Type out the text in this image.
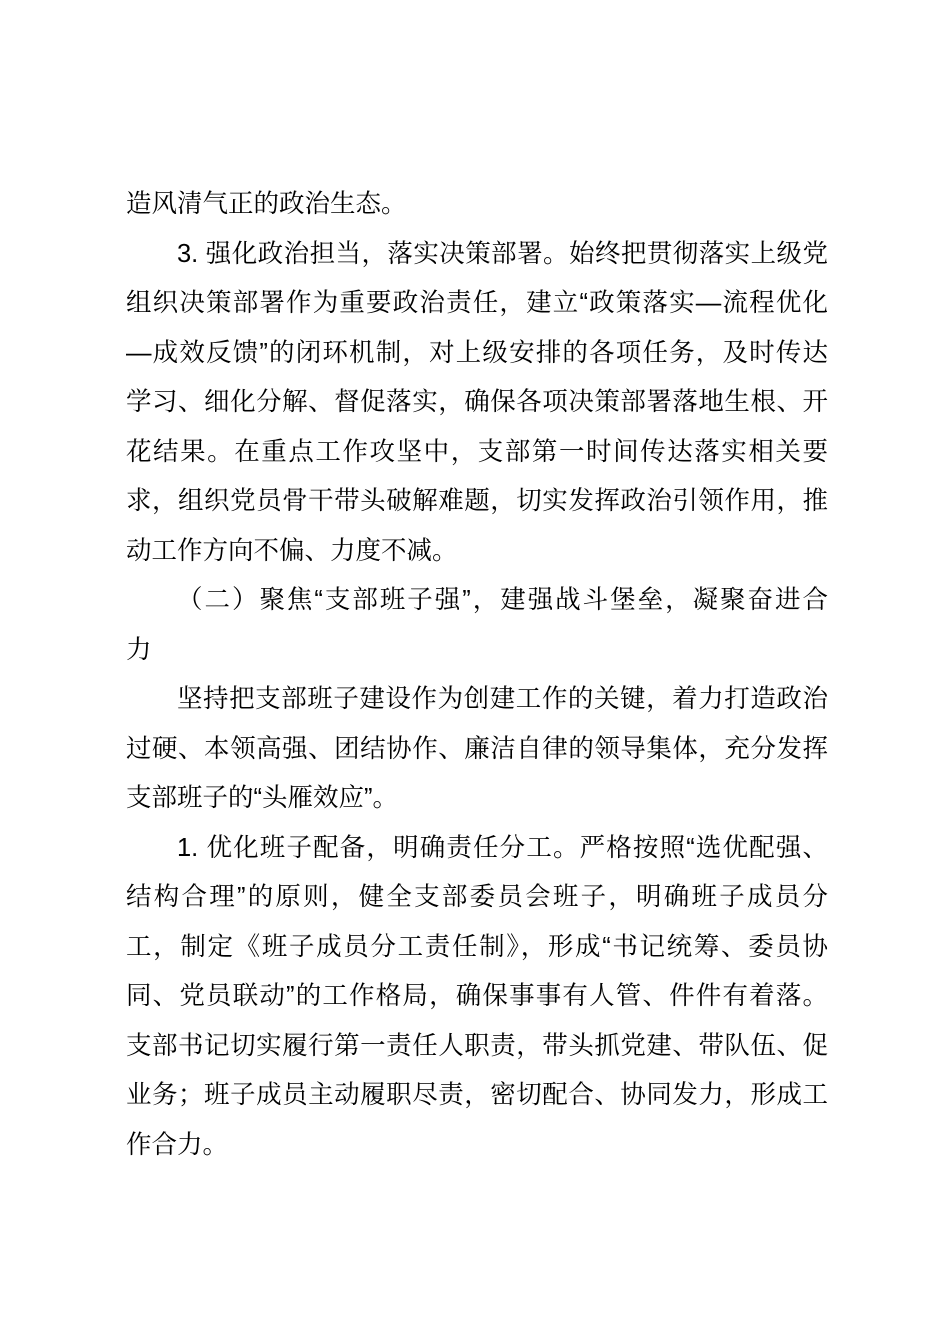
造风清气正的政治生态。
3. 强化政治担当，落实决策部署。始终把贯彻落实上级党
组织决策部署作为重要政治责任，建立“政策落实—流程优化
—成效反馈”的闭环机制，对上级安排的各项任务，及时传达
学习、细化分解、督促落实，确保各项决策部署落地生根、开
花结果。在重点工作攻坚中，支部第一时间传达落实相关要
求，组织党员骨干带头破解难题，切实发挥政治引领作用，推
动工作方向不偏、力度不减。
（二）聚焦“支部班子强”，建强战斗堡垒，凝聚奋进合
力
坚持把支部班子建设作为创建工作的关键，着力打造政治
过硬、本领高强、团结协作、廉洁自律的领导集体，充分发挥
支部班子的“头雁效应”。
1. 优化班子配备，明确责任分工。严格按照“选优配强、
结构合理”的原则，健全支部委员会班子，明确班子成员分
工，制定《班子成员分工责任制》，形成“书记统筹、委员协
同、党员联动”的工作格局，确保事事有人管、件件有着落。
支部书记切实履行第一责任人职责，带头抓党建、带队伍、促
业务；班子成员主动履职尽责，密切配合、协同发力，形成工
作合力。
